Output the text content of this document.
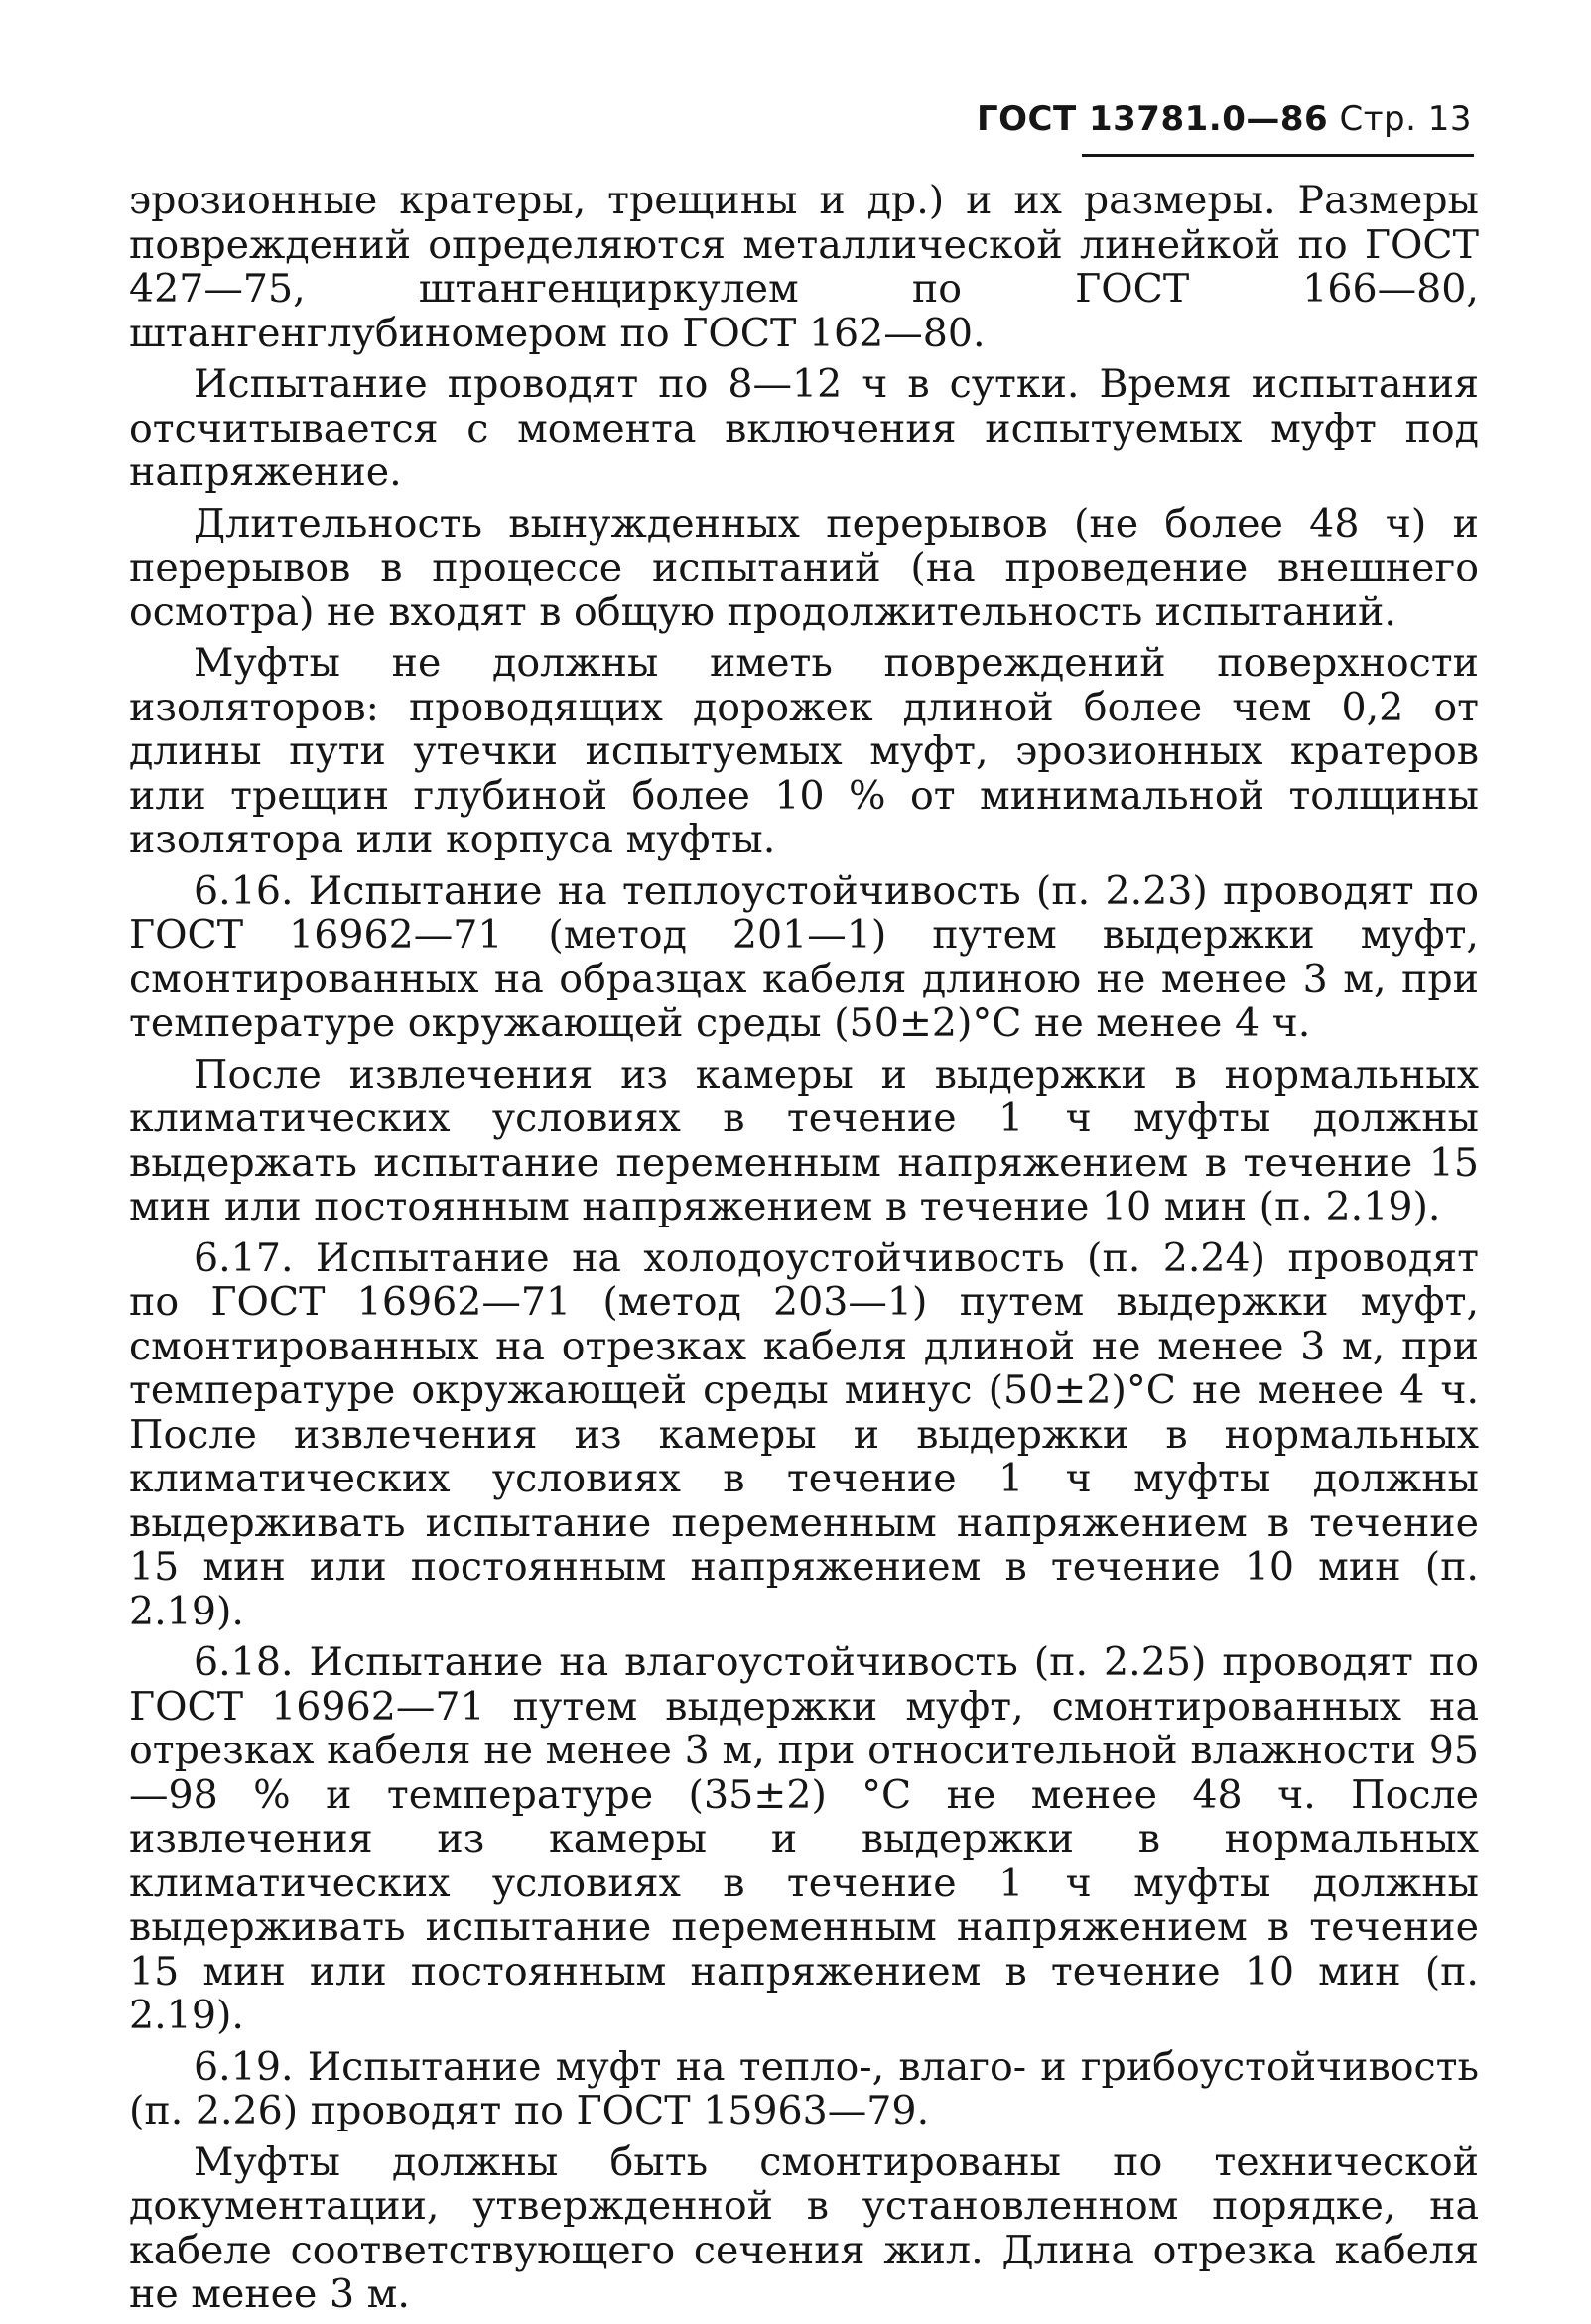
ГОСТ 13781.0—86 Стр. 13

эрозионные кратеры, трещины и др.) и их размеры. Размеры повреждений определяются металлической линейкой по ГОСТ 427—75, штангенциркулем по ГОСТ 166—80, штангенглубиномером по ГОСТ 162—80.

Испытание проводят по 8—12 ч в сутки. Время испытания отсчитывается с момента включения испытуемых муфт под напряжение.

Длительность вынужденных перерывов (не более 48 ч) и перерывов в процессе испытаний (на проведение внешнего осмотра) не входят в общую продолжительность испытаний.

Муфты не должны иметь повреждений поверхности изоляторов: проводящих дорожек длиной более чем 0,2 от длины пути утечки испытуемых муфт, эрозионных кратеров или трещин глубиной более 10 % от минимальной толщины изолятора или корпуса муфты.

6.16. Испытание на теплоустойчивость (п. 2.23) проводят по ГОСТ 16962—71 (метод 201—1) путем выдержки муфт, смонтированных на образцах кабеля длиною не менее 3 м, при температуре окружающей среды (50±2)°С не менее 4 ч.

После извлечения из камеры и выдержки в нормальных климатических условиях в течение 1 ч муфты должны выдержать испытание переменным напряжением в течение 15 мин или постоянным напряжением в течение 10 мин (п. 2.19).

6.17. Испытание на холодоустойчивость (п. 2.24) проводят по ГОСТ 16962—71 (метод 203—1) путем выдержки муфт, смонтированных на отрезках кабеля длиной не менее 3 м, при температуре окружающей среды минус (50±2)°С не менее 4 ч. После извлечения из камеры и выдержки в нормальных климатических условиях в течение 1 ч муфты должны выдерживать испытание переменным напряжением в течение 15 мин или постоянным напряжением в течение 10 мин (п. 2.19).

6.18. Испытание на влагоустойчивость (п. 2.25) проводят по ГОСТ 16962—71 путем выдержки муфт, смонтированных на отрезках кабеля не менее 3 м, при относительной влажности 95—98 % и температуре (35±2) °С не менее 48 ч. После извлечения из камеры и выдержки в нормальных климатических условиях в течение 1 ч муфты должны выдерживать испытание переменным напряжением в течение 15 мин или постоянным напряжением в течение 10 мин (п. 2.19).

6.19. Испытание муфт на тепло-, влаго- и грибоустойчивость (п. 2.26) проводят по ГОСТ 15963—79.

Муфты должны быть смонтированы по технической документации, утвержденной в установленном порядке, на кабеле соответствующего сечения жил. Длина отрезка кабеля не менее 3 м.
